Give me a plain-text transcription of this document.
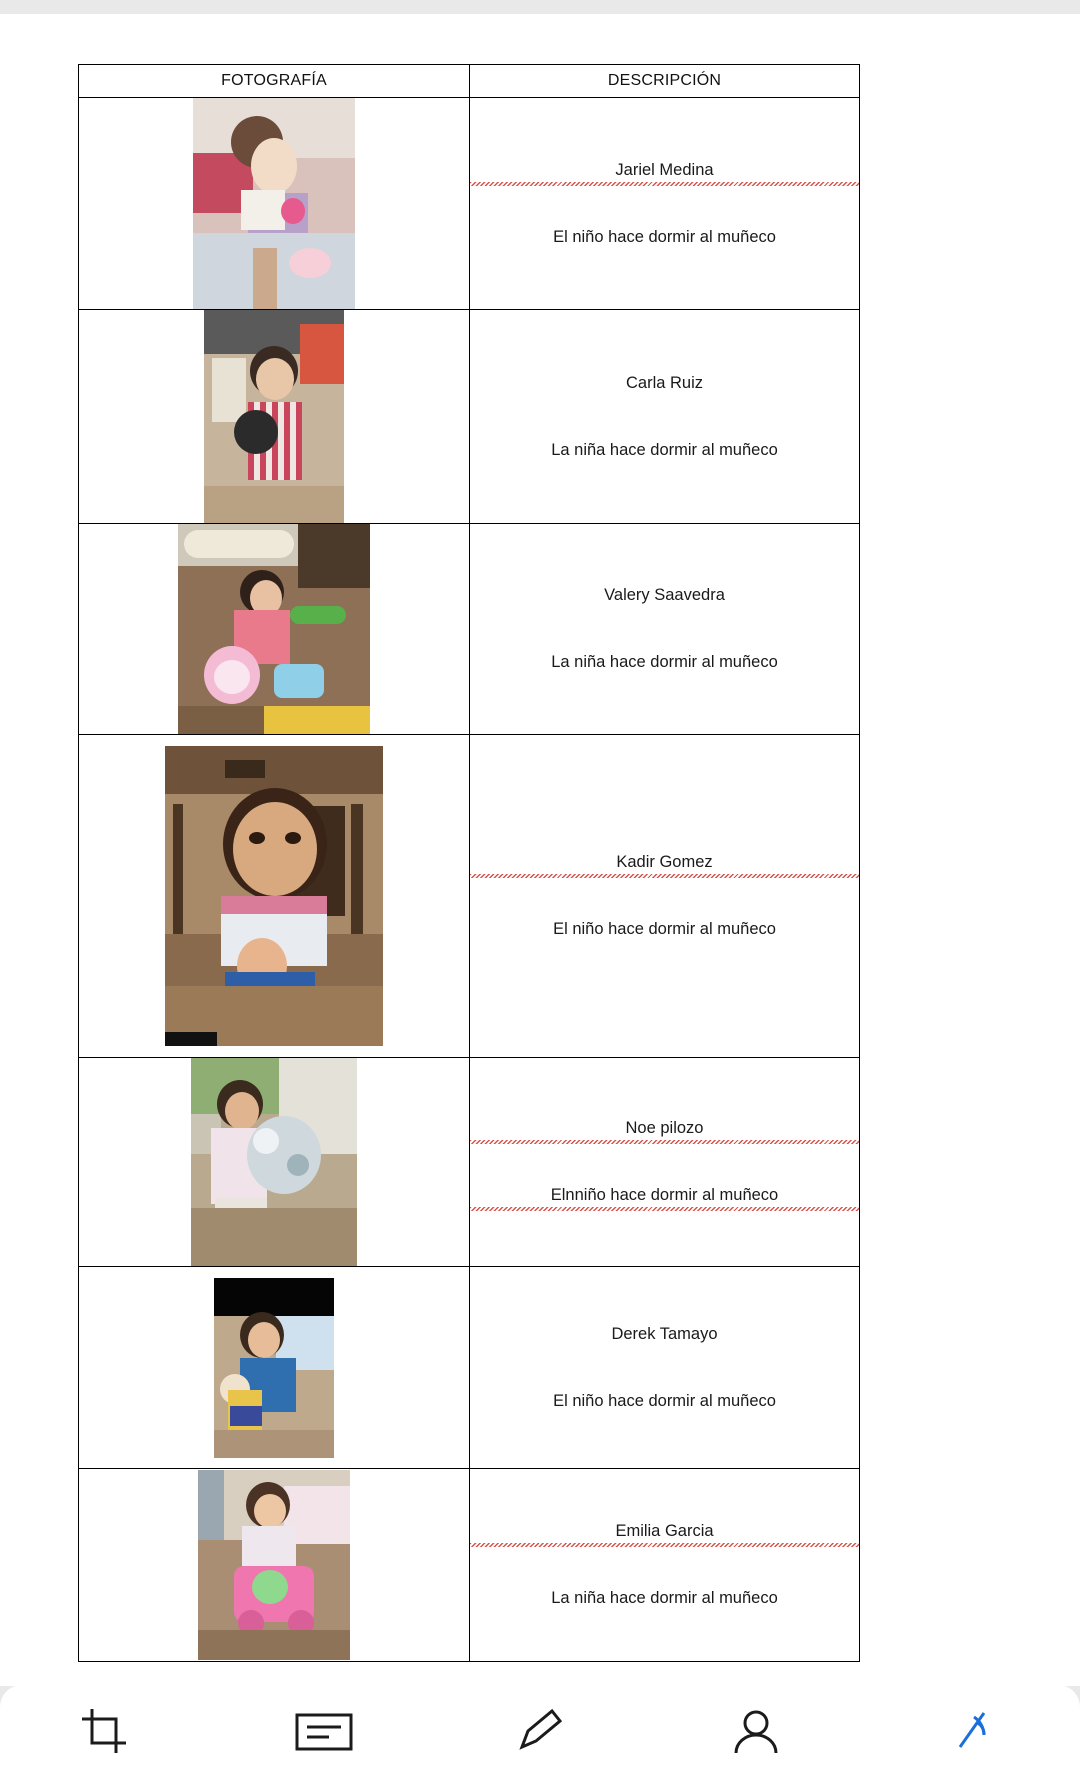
FOTOGRAFÍA	DESCRIPCIÓN

	Jariel Medina
El niño hace dormir al muñeco

	Carla Ruiz
La niña hace dormir al muñeco

	Valery Saavedra
La niña hace dormir al muñeco

	Kadir Gomez
El niño hace dormir al muñeco

	Noe pilozo
Elnniño hace dormir al muñeco

	Derek Tamayo
El niño hace dormir al muñeco

	Emilia Garcia
La niña hace dormir al muñeco
